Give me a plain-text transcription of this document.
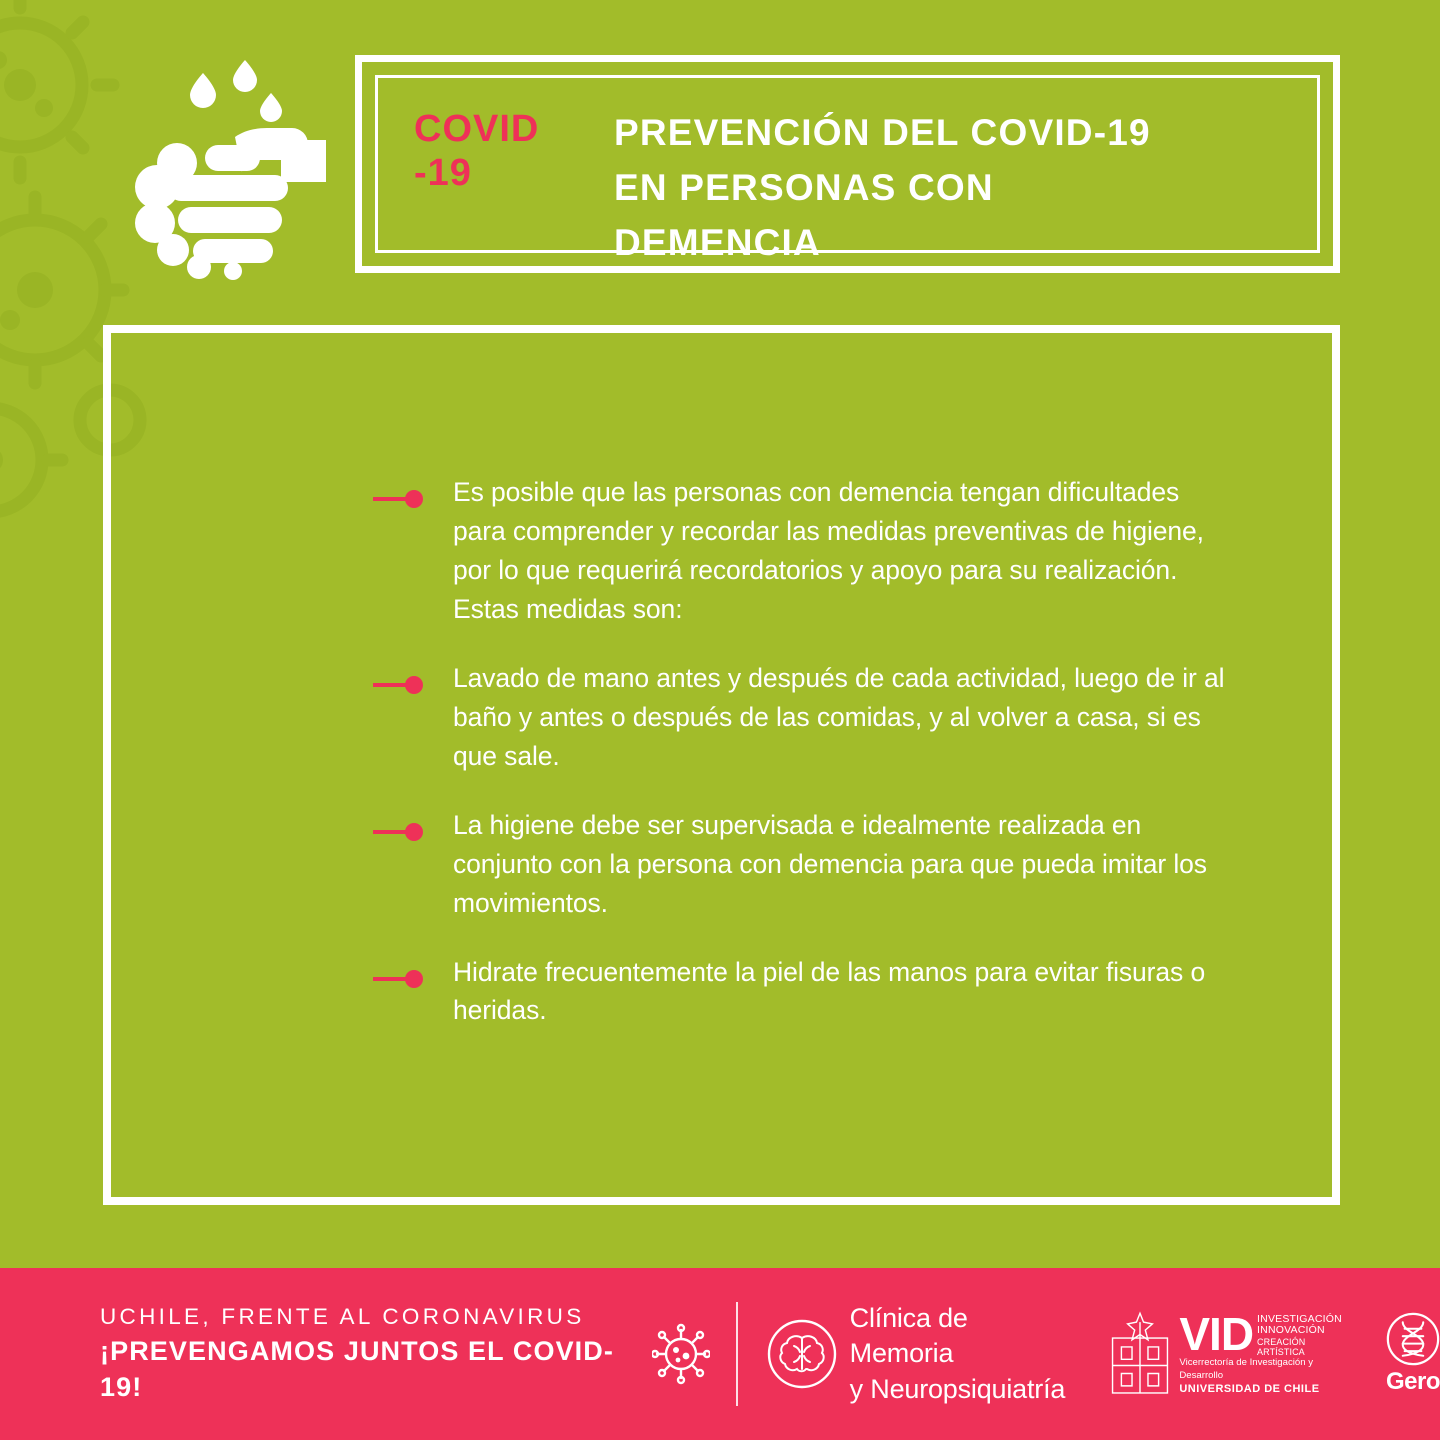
COVID
-19
PREVENCIÓN DEL COVID-19
EN PERSONAS CON
DEMENCIA
Es posible que las personas con demencia tengan dificultades para comprender y recordar las medidas preventivas de higiene, por lo que requerirá recordatorios y apoyo para su realización. Estas medidas son:
Lavado de mano antes y después de cada actividad, luego de ir al baño y antes o después de las comidas, y al volver a casa, si es que sale.
La higiene debe ser supervisada e idealmente realizada en conjunto con la persona con demencia para que pueda imitar los movimientos.
Hidrate frecuentemente la piel de las manos para evitar fisuras o heridas.
UCHILE, FRENTE AL CORONAVIRUS
¡PREVENGAMOS JUNTOS EL COVID-19!
Clínica de Memoria
y Neuropsiquiatría
VID INVESTIGACIÓN
INNOVACIÓN
CREACIÓN ARTÍSTICA
Vicerrectoría de Investigación y Desarrollo
UNIVERSIDAD DE CHILE	Gero
